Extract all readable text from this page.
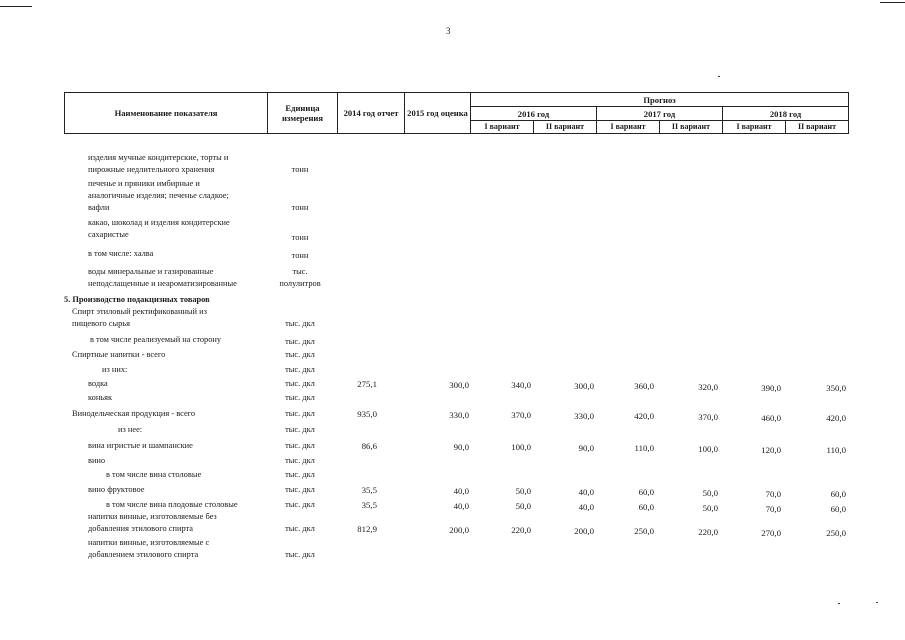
3
Наименование показателя	Единица измерения	2014 год отчет	2015 год оценка	Прогноз					
				2016 год		2017 год		2018 год	
				I вариант	II вариант	I вариант	II вариант	I вариант	II вариант
изделия мучные кондитерские, торты и
пирожные недлительного хранения	тонн
печенье и пряники имбирные и
аналогичные изделия; печенье сладкое;
вафли	тонн
какао, шоколад и изделия кондитерские
сахаристые	тонн
в том числе: халва	тонн
воды минеральные и газированные
неподслащенные и неароматизированные
тыс.
полулитров
5. Производство подакцизных товаров
Спирт этиловый ректификованный из
пищевого сырья	тыс. дкл
в том числе реализуемый на сторону	тыс. дкл
Спиртные напитки - всего	тыс. дкл
из них:	тыс. дкл
водка	тыс. дкл	275,1	300,0	340,0	300,0	360,0	320,0	390,0	350,0
коньяк	тыс. дкл
Винодельческая продукция - всего	тыс. дкл	935,0	330,0	370,0	330,0	420,0	370,0	460,0	420,0
из нее:	тыс. дкл
вина игристые и шампанские	тыс. дкл	86,6	90,0	100,0	90,0	110,0	100,0	120,0	110,0
вино	тыс. дкл
в том числе вина столовые	тыс. дкл
вино фруктовое	тыс. дкл	35,5	40,0	50,0	40,0	60,0	50,0	70,0	60,0
в том числе вина плодовые столовые	тыс. дкл	35,5	40,0	50,0	40,0	60,0	50,0	70,0	60,0
напитки винные, изготовляемые без
добавления этилового спирта	тыс. дкл	812,9	200,0	220,0	200,0	250,0	220,0	270,0	250,0
напитки винные, изготовляемые с
добавлением этилового спирта	тыс. дкл
